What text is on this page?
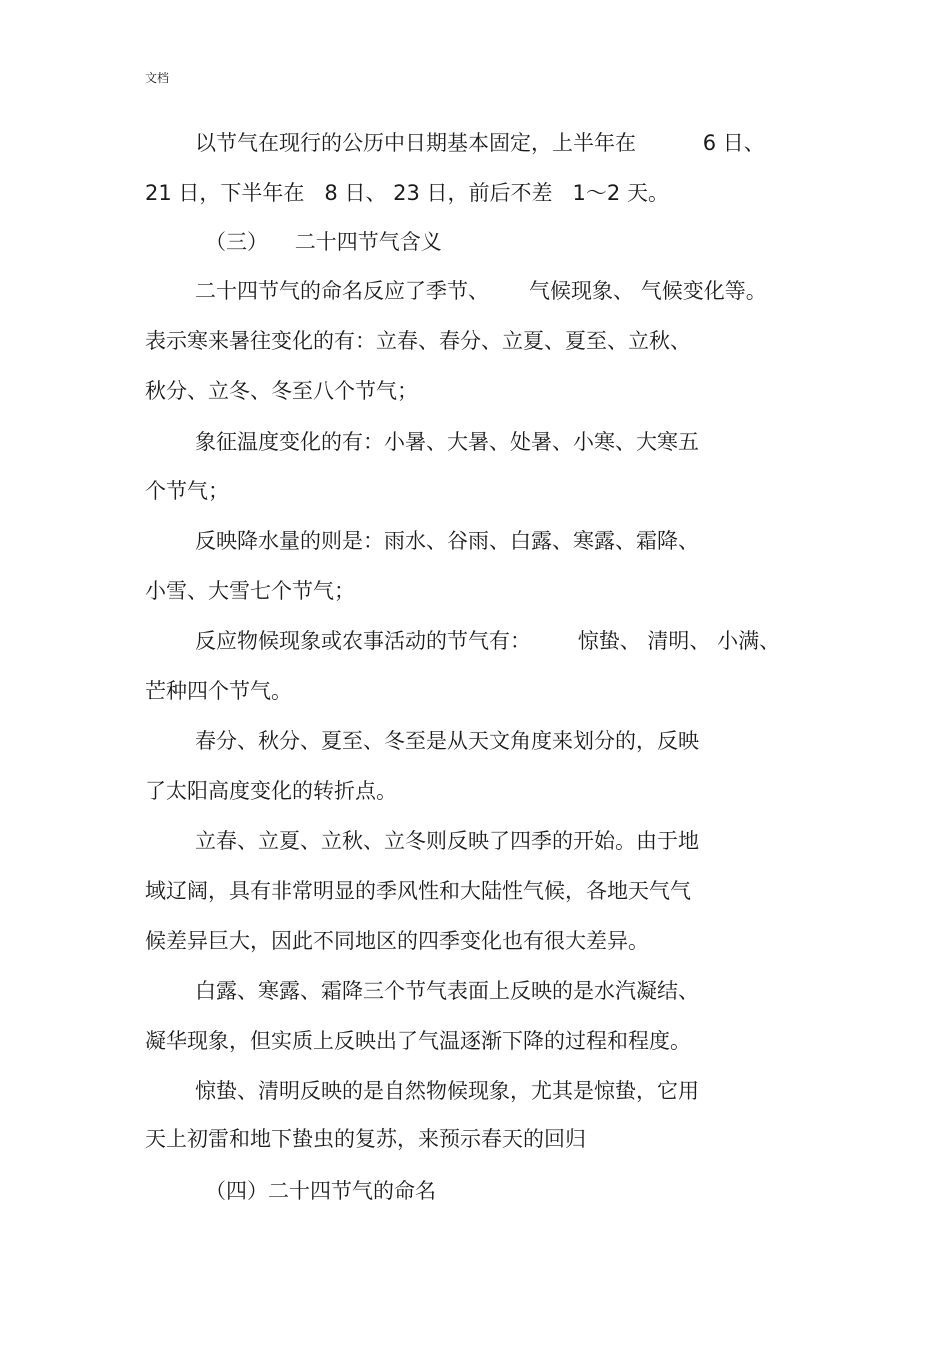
文档
以节气在现行的公历中日期基本固定，上半年在          6 日、
21 日，下半年在   8 日、 23 日，前后不差   1～2 天。
（三）    二十四节气含义
二十四节气的命名反应了季节、      气候现象、 气候变化等。
表示寒来暑往变化的有：立春、春分、立夏、夏至、立秋、
秋分、立冬、冬至八个节气；
象征温度变化的有：小暑、大暑、处暑、小寒、大寒五
个节气；
反映降水量的则是：雨水、谷雨、白露、寒露、霜降、
小雪、大雪七个节气；
反应物候现象或农事活动的节气有：       惊蛰、 清明、 小满、
芒种四个节气。
春分、秋分、夏至、冬至是从天文角度来划分的，反映
了太阳高度变化的转折点。
立春、立夏、立秋、立冬则反映了四季的开始。由于地
域辽阔，具有非常明显的季风性和大陆性气候，各地天气气
候差异巨大，因此不同地区的四季变化也有很大差异。
白露、寒露、霜降三个节气表面上反映的是水汽凝结、
凝华现象，但实质上反映出了气温逐渐下降的过程和程度。
惊蛰、清明反映的是自然物候现象，尤其是惊蛰，它用
天上初雷和地下蛰虫的复苏，来预示春天的回归
（四）二十四节气的命名
